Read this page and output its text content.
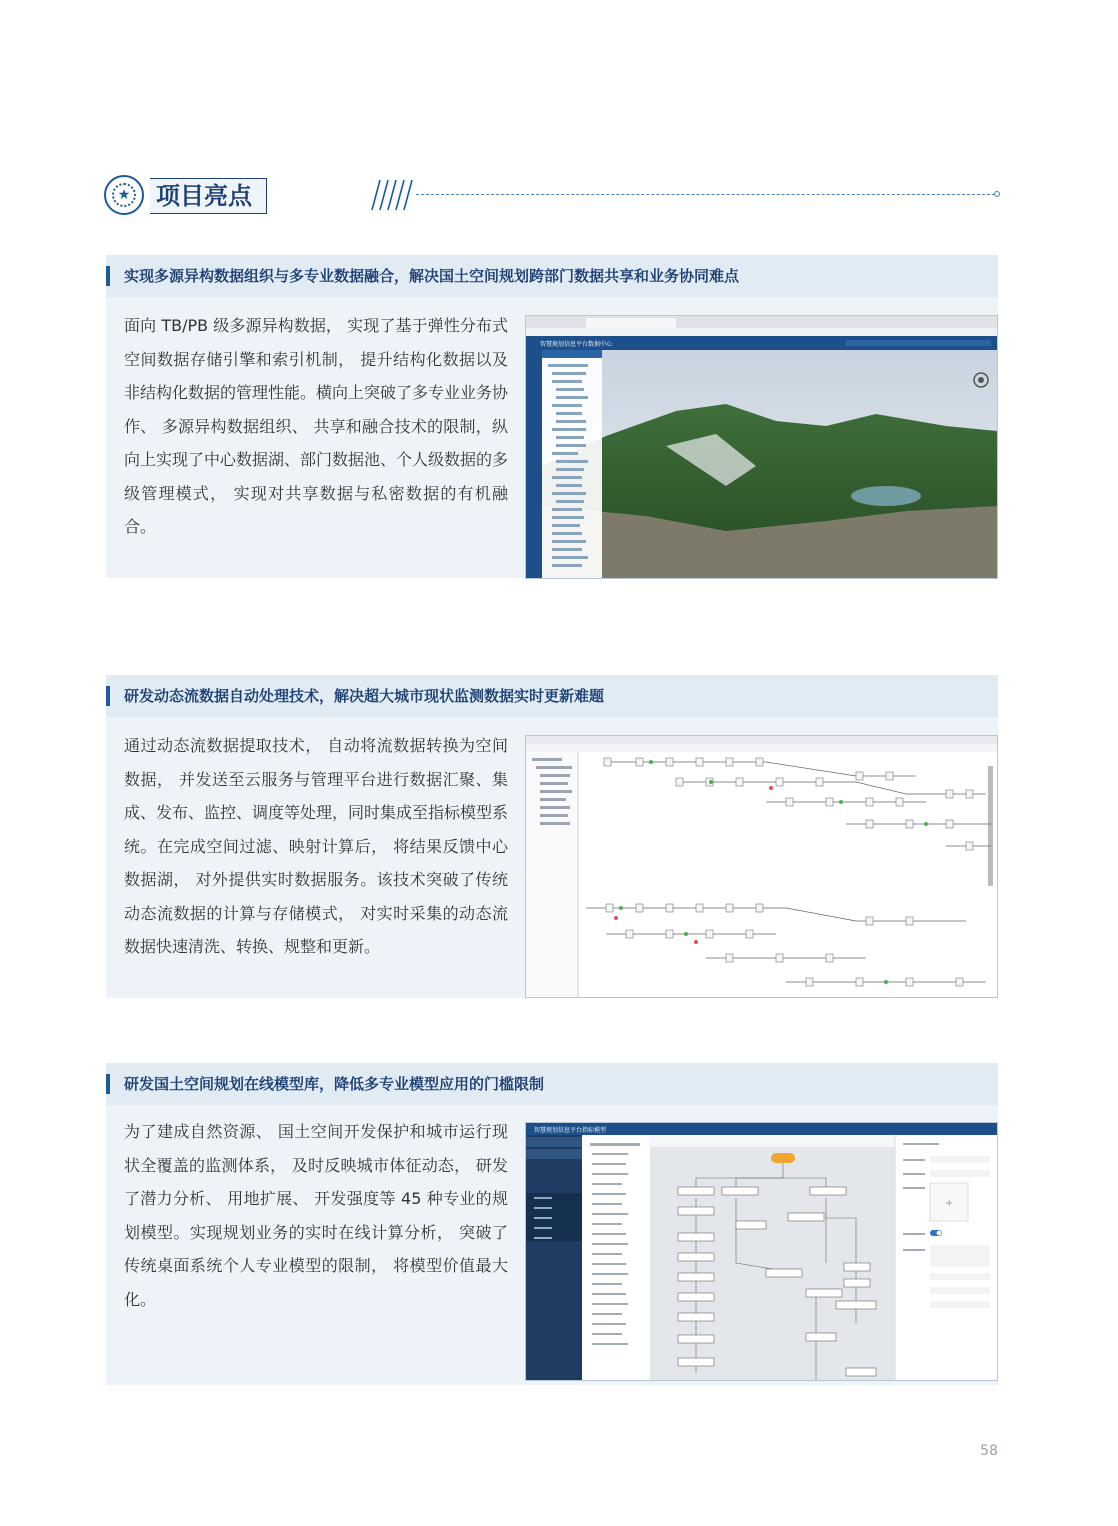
★	项目亮点
实现多源异构数据组织与多专业数据融合，解决国土空间规划跨部门数据共享和业务协同难点
面向 TB/PB 级多源异构数据， 实现了基于弹性分布式空间数据存储引擎和索引机制， 提升结构化数据以及非结构化数据的管理性能。横向上突破了多专业业务协作、 多源异构数据组织、 共享和融合技术的限制，纵向上实现了中心数据湖、部门数据池、个人级数据的多级管理模式， 实现对共享数据与私密数据的有机融合。
智慧规划信息平台数据中心
研发动态流数据自动处理技术，解决超大城市现状监测数据实时更新难题
通过动态流数据提取技术， 自动将流数据转换为空间数据， 并发送至云服务与管理平台进行数据汇聚、集成、发布、监控、调度等处理，同时集成至指标模型系统。在完成空间过滤、映射计算后， 将结果反馈中心数据湖， 对外提供实时数据服务。该技术突破了传统动态流数据的计算与存储模式， 对实时采集的动态流数据快速清洗、转换、规整和更新。
研发国土空间规划在线模型库，降低多专业模型应用的门槛限制
为了建成自然资源、 国土空间开发保护和城市运行现状全覆盖的监测体系， 及时反映城市体征动态， 研发了潜力分析、 用地扩展、 开发强度等 45 种专业的规划模型。实现规划业务的实时在线计算分析， 突破了传统桌面系统个人专业模型的限制， 将模型价值最大化。
智慧规划信息平台指标模型
+
58
